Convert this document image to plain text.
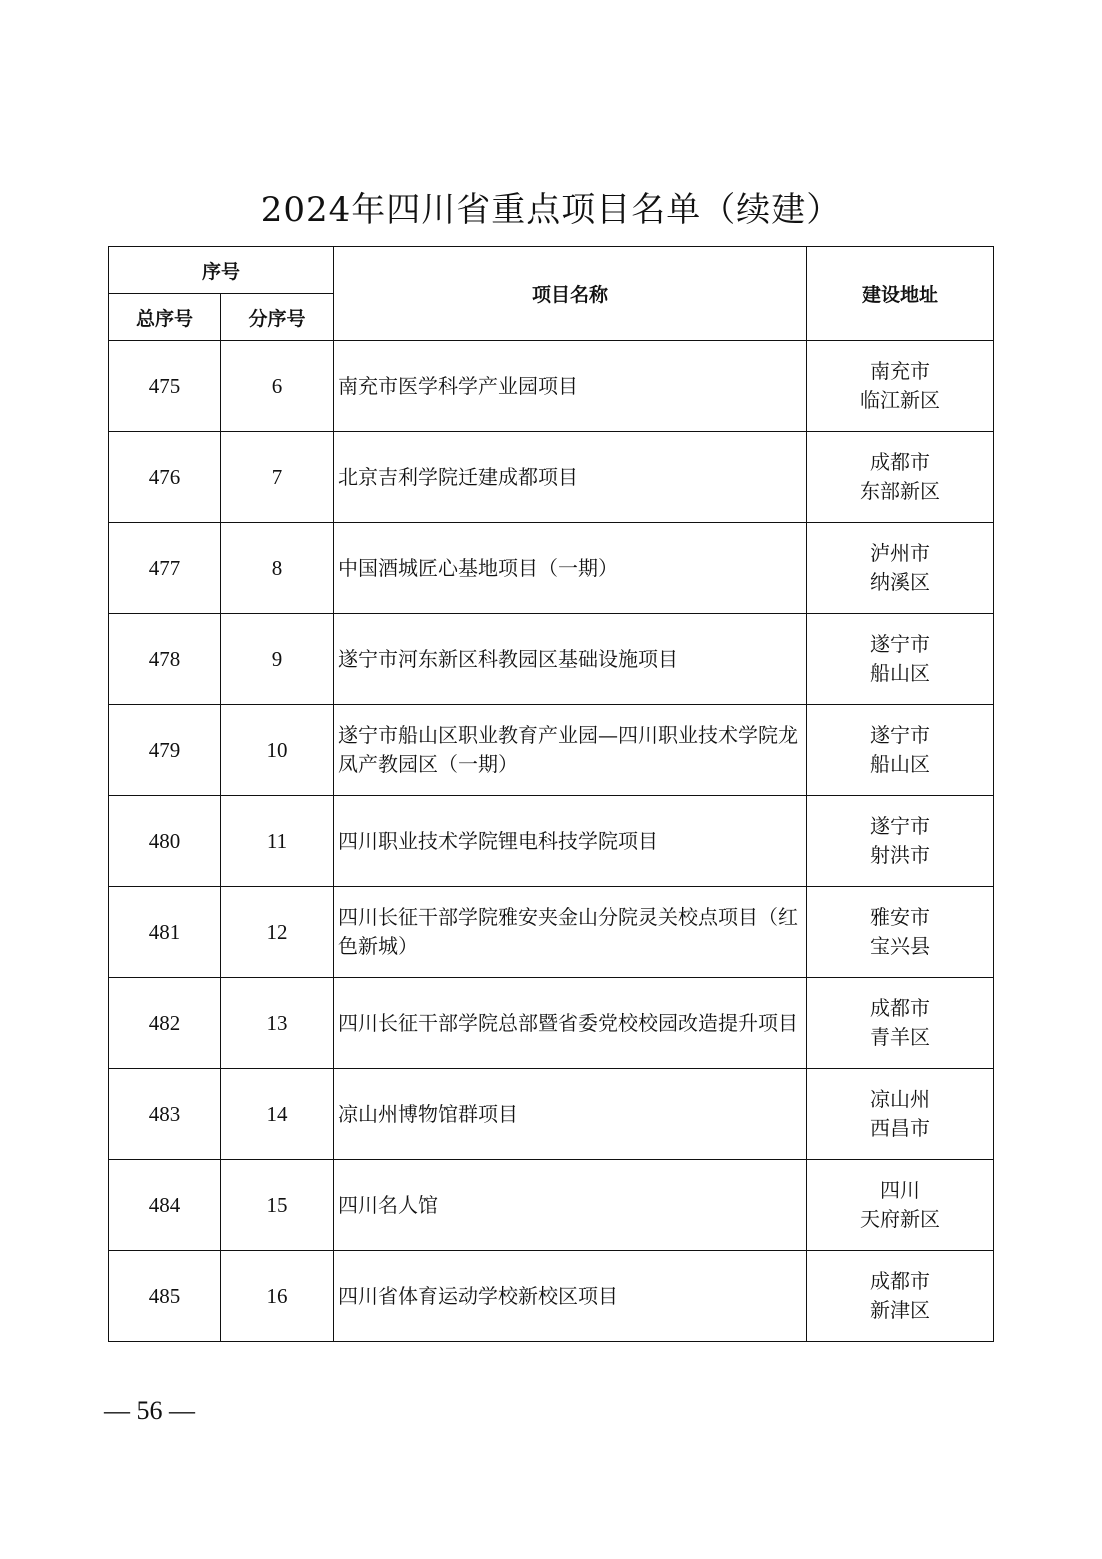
2024年四川省重点项目名单（续建）
序号		项目名称	建设地址
总序号	分序号		
475	6	南充市医学科学产业园项目	南充市
临江新区

476	7	北京吉利学院迁建成都项目	成都市
东部新区

477	8	中国酒城匠心基地项目（一期）	泸州市
纳溪区

478	9	遂宁市河东新区科教园区基础设施项目	遂宁市
船山区

479	10	遂宁市船山区职业教育产业园—四川职业技术学院龙凤产教园区（一期）	遂宁市
船山区

480	11	四川职业技术学院锂电科技学院项目	遂宁市
射洪市

481	12	四川长征干部学院雅安夹金山分院灵关校点项目（红色新城）	雅安市
宝兴县

482	13	四川长征干部学院总部暨省委党校校园改造提升项目	成都市
青羊区

483	14	凉山州博物馆群项目	凉山州
西昌市

484	15	四川名人馆	四川
天府新区

485	16	四川省体育运动学校新校区项目	成都市
新津区
— 56 —
